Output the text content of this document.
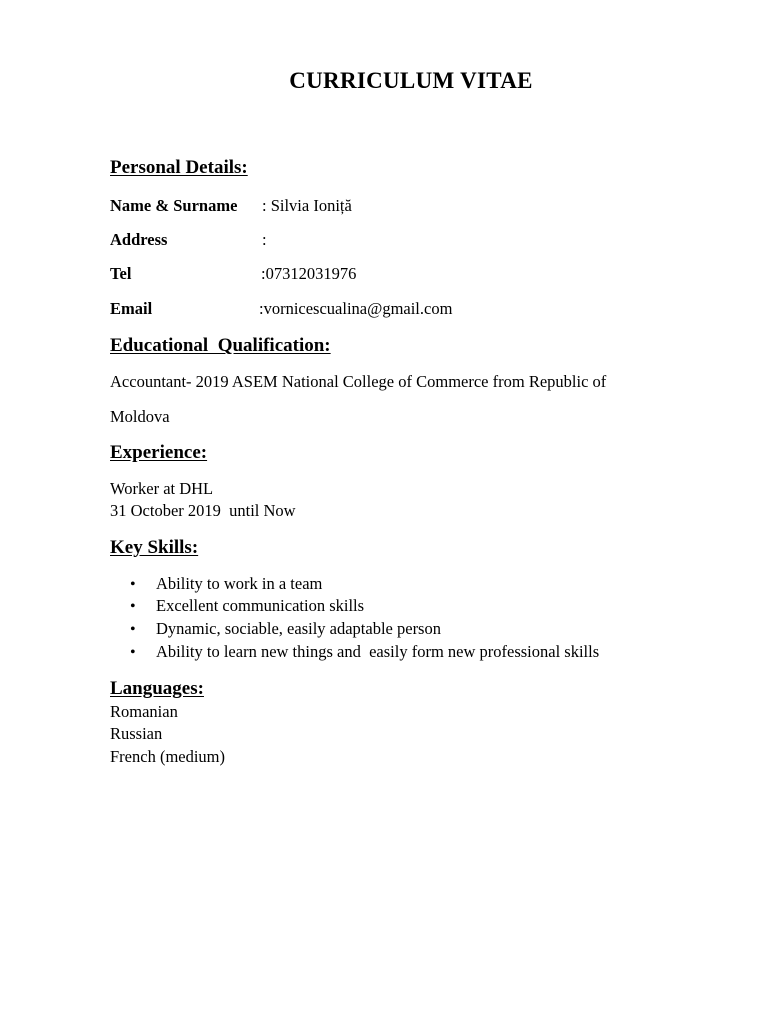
CURRICULUM VITAE
Personal Details:
Name & Surname : Silvia Ioniță
Address	:
Tel	:07312031976
Email	:vornicescualina@gmail.com
Educational  Qualification:
Accountant- 2019 ASEM National College of Commerce from Republic of
Moldova
Experience:
Worker at DHL
31 October 2019  until Now
Key Skills:
• Ability to work in a team
• Excellent communication skills
• Dynamic, sociable, easily adaptable person
• Ability to learn new things and  easily form new professional skills
Languages:
Romanian
Russian
French (medium)
